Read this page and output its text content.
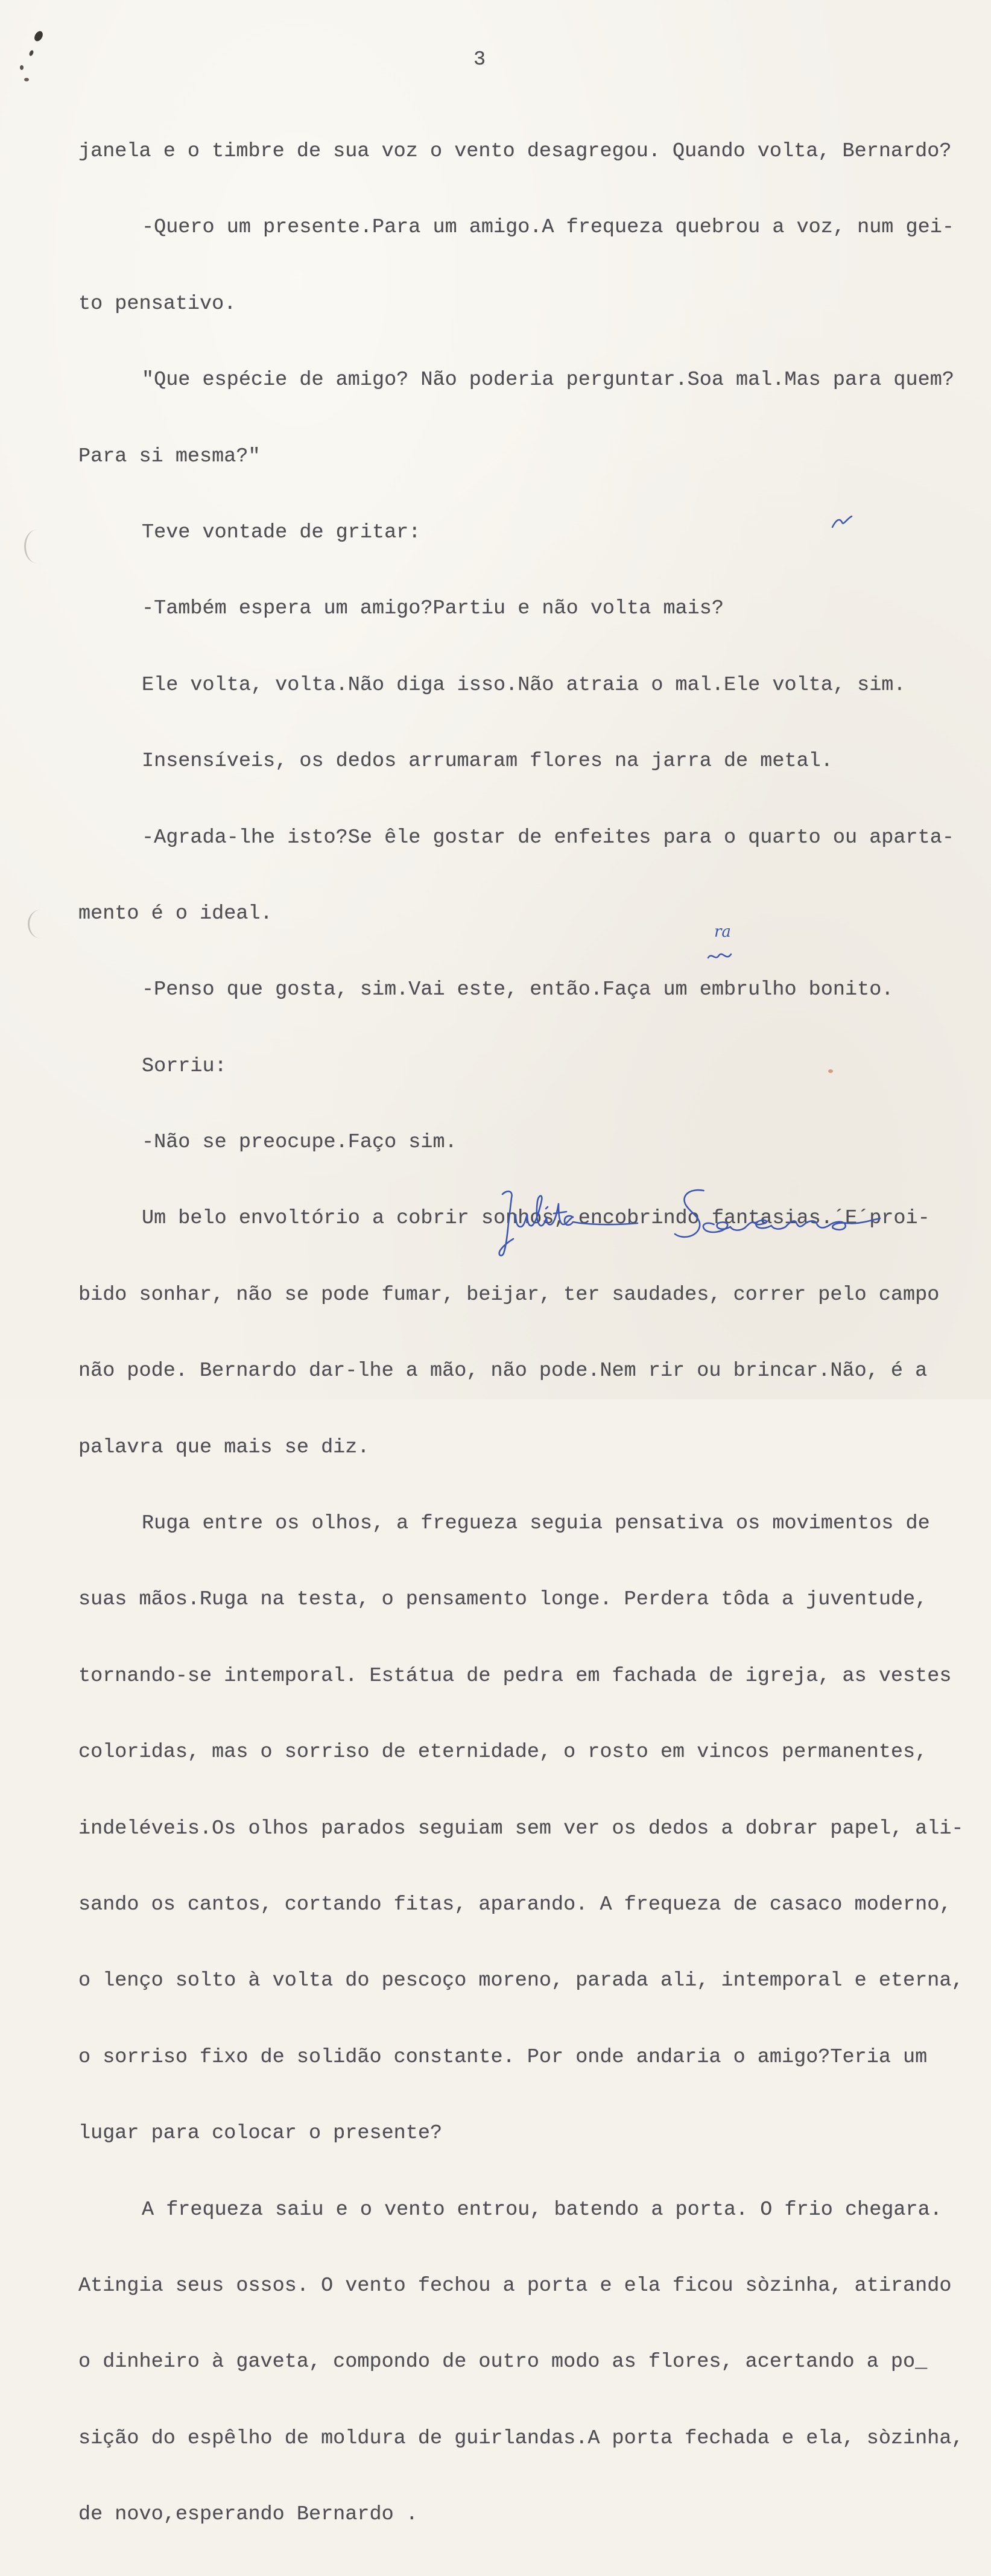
3

janela e o timbre de sua voz o vento desagregou. Quando volta, Bernardo?

-Quero um presente.Para um amigo.A frequeza quebrou a voz, num gei-

to pensativo.

"Que espécie de amigo? Não poderia perguntar.Soa mal.Mas para quem?

Para si mesma?"

Teve vontade de gritar:

-Também espera um amigo?Partiu e não volta mais?

Ele volta, volta.Não diga isso.Não atraia o mal.Ele volta, sim.

Insensíveis, os dedos arrumaram flores na jarra de metal.

-Agrada-lhe isto?Se êle gostar de enfeites para o quarto ou aparta-

mento é o ideal.

-Penso que gosta, sim.Vai este, então.Faça um embrulho bonito.

Sorriu:

-Não se preocupe.Faço sim.

Um belo envoltório a cobrir sonhos, encobrindo fantasias.´E´proi-

bido sonhar, não se pode fumar, beijar, ter saudades, correr pelo campo

não pode. Bernardo dar-lhe a mão, não pode.Nem rir ou brincar.Não, é a

palavra que mais se diz.

Ruga entre os olhos, a fregueza seguia pensativa os movimentos de

suas mãos.Ruga na testa, o pensamento longe. Perdera tôda a juventude,

tornando-se intemporal. Estátua de pedra em fachada de igreja, as vestes

coloridas, mas o sorriso de eternidade, o rosto em vincos permanentes,

indeléveis.Os olhos parados seguiam sem ver os dedos a dobrar papel, ali-

sando os cantos, cortando fitas, aparando. A frequeza de casaco moderno,

o lenço solto à volta do pescoço moreno, parada ali, intemporal e eterna,

o sorriso fixo de solidão constante. Por onde andaria o amigo?Teria um

lugar para colocar o presente?

A frequeza saiu e o vento entrou, batendo a porta. O frio chegara.

Atingia seus ossos. O vento fechou a porta e ela ficou sòzinha, atirando

o dinheiro à gaveta, compondo de outro modo as flores, acertando a po_

sição do espêlho de moldura de guirlandas.A porta fechada e ela, sòzinha,

de novo,esperando Bernardo .

ra
